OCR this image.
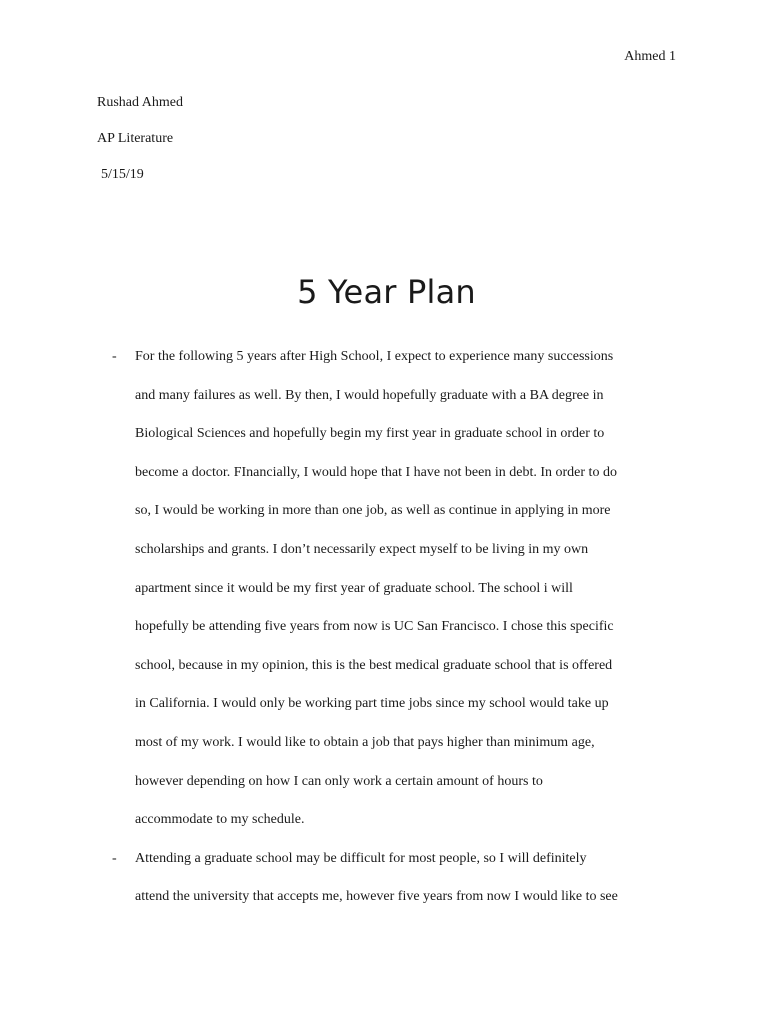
Ahmed 1
Rushad Ahmed
AP Literature
5/15/19
5 Year Plan
- For the following 5 years after High School, I expect to experience many successions
and many failures as well. By then, I would hopefully graduate with a BA degree in
Biological Sciences and hopefully begin my first year in graduate school in order to
become a doctor. FInancially, I would hope that I have not been in debt. In order to do
so, I would be working in more than one job, as well as continue in applying in more
scholarships and grants. I don’t necessarily expect myself to be living in my own
apartment since it would be my first year of graduate school. The school i will
hopefully be attending five years from now is UC San Francisco. I chose this specific
school, because in my opinion, this is the best medical graduate school that is offered
in California. I would only be working part time jobs since my school would take up
most of my work. I would like to obtain a job that pays higher than minimum age,
however depending on how I can only work a certain amount of hours to
accommodate to my schedule.
- Attending a graduate school may be difficult for most people, so I will definitely
attend the university that accepts me, however five years from now I would like to see
